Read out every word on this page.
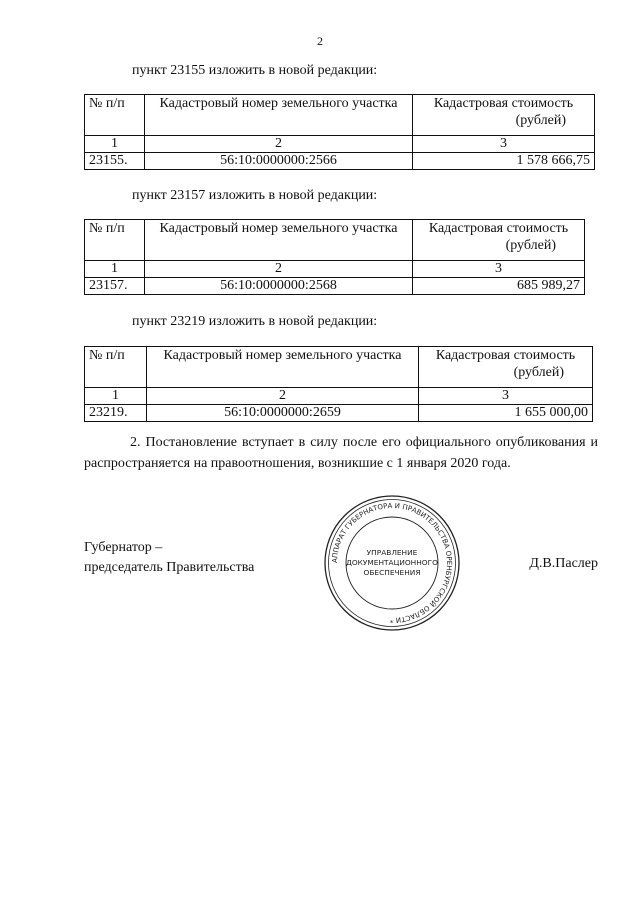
2
пункт 23155 изложить в новой редакции:
№ п/п	Кадастровый номер земельного участка	Кадастровая стоимость
(рублей)

1	2	3
23155.	56:10:0000000:2566	1 578 666,75
пункт 23157 изложить в новой редакции:
№ п/п	Кадастровый номер земельного участка	Кадастровая стоимость
(рублей)

1	2	3
23157.	56:10:0000000:2568	685 989,27
пункт 23219 изложить в новой редакции:
№ п/п	Кадастровый номер земельного участка	Кадастровая стоимость
(рублей)

1	2	3
23219.	56:10:0000000:2659	1 655 000,00
2. Постановление вступает в силу после его официального опубликования и распространяется на правоотношения, возникшие с 1 января 2020 года.
Губернатор –
председатель Правительства	Д.В.Паслер
АППАРАТ ГУБЕРНАТОРА И ПРАВИТЕЛЬСТВА ОРЕНБУРГСКОЙ ОБЛАСТИ *
УПРАВЛЕНИЕ
ДОКУМЕНТАЦИОННОГО
ОБЕСПЕЧЕНИЯ
